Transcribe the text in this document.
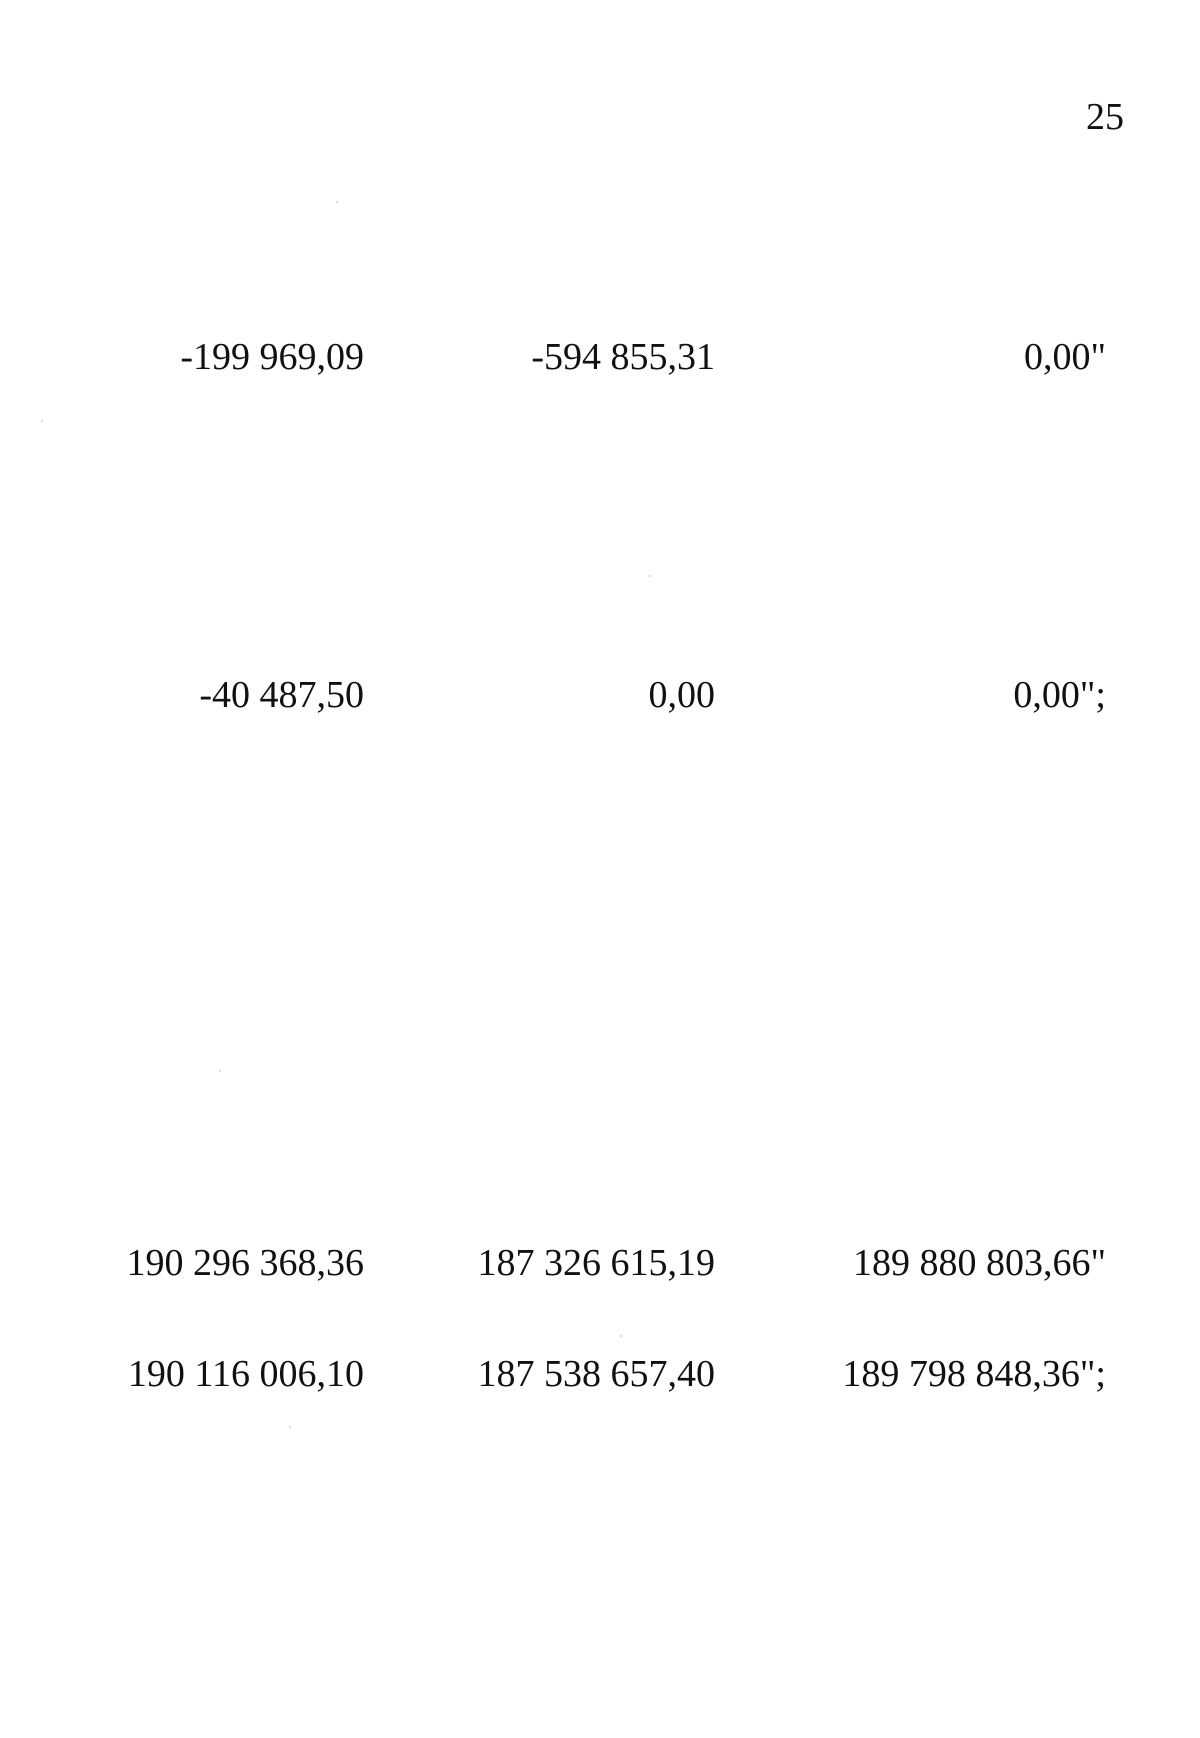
25
-199 969,09	-594 855,31	0,00"
-40 487,50	0,00	0,00";
190 296 368,36	187 326 615,19	189 880 803,66"
190 116 006,10	187 538 657,40	189 798 848,36";
